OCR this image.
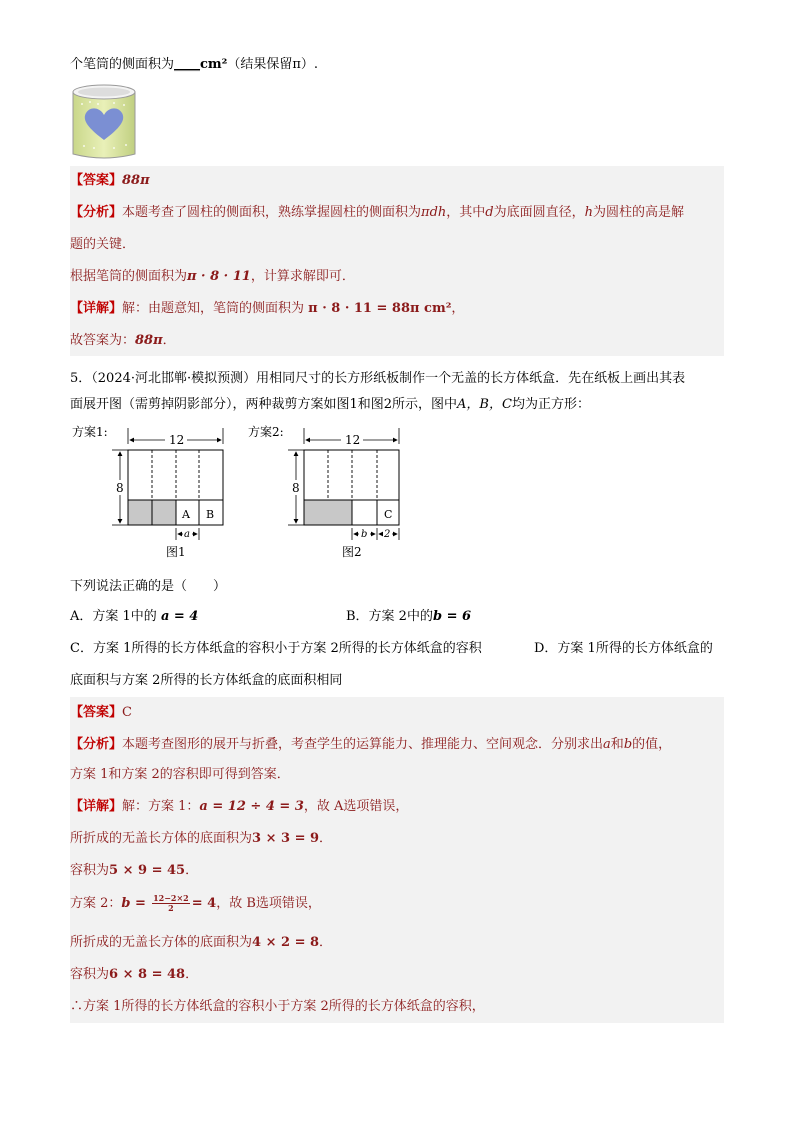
个笔筒的侧面积为____cm²（结果保留π）.
【答案】88π
【分析】本题考查了圆柱的侧面积，熟练掌握圆柱的侧面积为πdh，其中d为底面圆直径，h为圆柱的高是解
题的关键．
根据笔筒的侧面积为π · 8 · 11，计算求解即可．
【详解】解：由题意知，笔筒的侧面积为 π · 8 · 11 = 88π cm²，
故答案为：88π．
5．（2024·河北邯郸·模拟预测）用相同尺寸的长方形纸板制作一个无盖的长方体纸盒．先在纸板上画出其表
面展开图（需剪掉阴影部分），两种裁剪方案如图1和图2所示，图中A，B，C均为正方形：
方案1:
12
8
A B
a
图1
方案2:
12
8
C
b 2
图2
下列说法正确的是（　　）
A．方案 1中的 a = 4	B．方案 2中的b = 6
C．方案 1所得的长方体纸盒的容积小于方案 2所得的长方体纸盒的容积	D．方案 1所得的长方体纸盒的
底面积与方案 2所得的长方体纸盒的底面积相同
【答案】C
【分析】本题考查图形的展开与折叠，考查学生的运算能力、推理能力、空间观念．分别求出a和b的值，
方案 1和方案 2的容积即可得到答案．
【详解】解：方案 1：a = 12 ÷ 4 = 3，故 A选项错误，
所折成的无盖长方体的底面积为3 × 3 = 9．
容积为5 × 9 = 45．
方案 2：$b = \frac{12-2\times 2}{2} = 4$，故 B选项错误，
所折成的无盖长方体的底面积为4 × 2 = 8．
容积为6 × 8 = 48．
∴方案 1所得的长方体纸盒的容积小于方案 2所得的长方体纸盒的容积，
